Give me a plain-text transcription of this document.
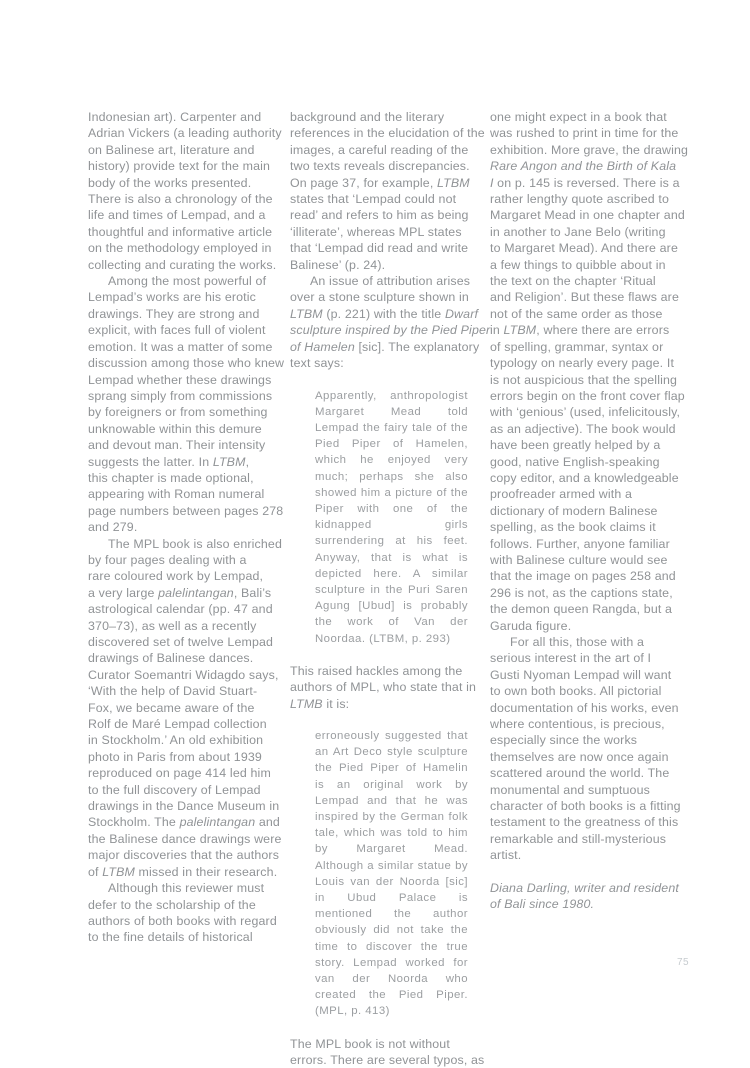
Indonesian art). Carpenter and
Adrian Vickers (a leading authority
on Balinese art, literature and
history) provide text for the main
body of the works presented.
There is also a chronology of the
life and times of Lempad, and a
thoughtful and informative article
on the methodology employed in
collecting and curating the works.

Among the most powerful of
Lempad’s works are his erotic
drawings. They are strong and
explicit, with faces full of violent
emotion. It was a matter of some
discussion among those who knew
Lempad whether these drawings
sprang simply from commissions
by foreigners or from something
unknowable within this demure
and devout man. Their intensity
suggests the latter. In LTBM,
this chapter is made optional,
appearing with Roman numeral
page numbers between pages 278
and 279.

The MPL book is also enriched
by four pages dealing with a
rare coloured work by Lempad,
a very large palelintangan, Bali’s
astrological calendar (pp. 47 and
370–73), as well as a recently
discovered set of twelve Lempad
drawings of Balinese dances.
Curator Soemantri Widagdo says,
‘With the help of David Stuart-
Fox, we became aware of the
Rolf de Maré Lempad collection
in Stockholm.’ An old exhibition
photo in Paris from about 1939
reproduced on page 414 led him
to the full discovery of Lempad
drawings in the Dance Museum in
Stockholm. The palelintangan and
the Balinese dance drawings were
major discoveries that the authors
of LTBM missed in their research.

Although this reviewer must
defer to the scholarship of the
authors of both books with regard
to the fine details of historical

background and the literary
references in the elucidation of the
images, a careful reading of the
two texts reveals discrepancies.
On page 37, for example, LTBM
states that ‘Lempad could not
read’ and refers to him as being
‘illiterate’, whereas MPL states
that ‘Lempad did read and write
Balinese’ (p. 24).

An issue of attribution arises
over a stone sculpture shown in
LTBM (p. 221) with the title Dwarf
sculpture inspired by the Pied Piper
of Hamelen [sic]. The explanatory
text says:

Apparently, anthropologist Margaret Mead told Lempad the fairy tale of the Pied Piper of Hamelen, which he enjoyed very much; perhaps she also showed him a picture of the Piper with one of the kidnapped girls surrendering at his feet. Anyway, that is what is depicted here. A similar sculpture in the Puri Saren Agung [Ubud] is probably the work of Van der Noordaa. (LTBM, p. 293)

This raised hackles among the
authors of MPL, who state that in
LTMB it is:

erroneously suggested that an Art Deco style sculpture the Pied Piper of Hamelin is an original work by Lempad and that he was inspired by the German folk tale, which was told to him by Margaret Mead. Although a similar statue by Louis van der Noorda [sic] in Ubud Palace is mentioned the author obviously did not take the time to discover the true story. Lempad worked for van der Noorda who created the Pied Piper. (MPL, p. 413)

The MPL book is not without
errors. There are several typos, as

one might expect in a book that
was rushed to print in time for the
exhibition. More grave, the drawing
Rare Angon and the Birth of Kala
I on p. 145 is reversed. There is a
rather lengthy quote ascribed to
Margaret Mead in one chapter and
in another to Jane Belo (writing
to Margaret Mead). And there are
a few things to quibble about in
the text on the chapter ‘Ritual
and Religion’. But these flaws are
not of the same order as those
in LTBM, where there are errors
of spelling, grammar, syntax or
typology on nearly every page. It
is not auspicious that the spelling
errors begin on the front cover flap
with ‘genious’ (used, infelicitously,
as an adjective). The book would
have been greatly helped by a
good, native English-speaking
copy editor, and a knowledgeable
proofreader armed with a
dictionary of modern Balinese
spelling, as the book claims it
follows. Further, anyone familiar
with Balinese culture would see
that the image on pages 258 and
296 is not, as the captions state,
the demon queen Rangda, but a
Garuda figure.

For all this, those with a
serious interest in the art of I
Gusti Nyoman Lempad will want
to own both books. All pictorial
documentation of his works, even
where contentious, is precious,
especially since the works
themselves are now once again
scattered around the world. The
monumental and sumptuous
character of both books is a fitting
testament to the greatness of this
remarkable and still-mysterious
artist.

Diana Darling, writer and resident
of Bali since 1980.

75
